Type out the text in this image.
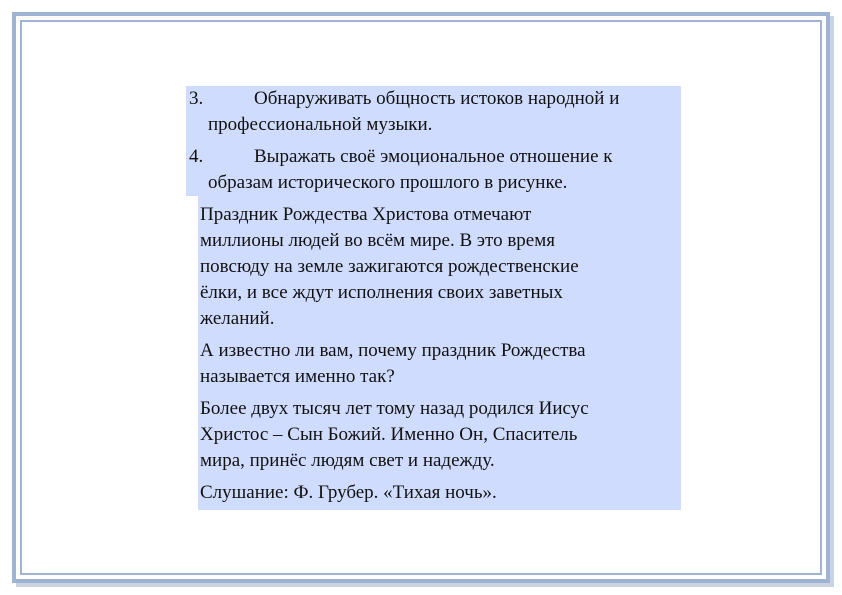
3.	Обнаруживать общность истоков народной и
профессиональной музыки.
4.	Выражать своё эмоциональное отношение к
образам исторического прошлого в рисунке.

Праздник Рождества Христова отмечают
миллионы людей во всём мире. В это время
повсюду на земле зажигаются рождественские
ёлки, и все ждут исполнения своих заветных
желаний.

А известно ли вам, почему праздник Рождества
называется именно так?

Более двух тысяч лет тому назад родился Иисус
Христос – Сын Божий. Именно Он, Спаситель
мира, принёс людям свет и надежду.

Слушание: Ф. Грубер. «Тихая ночь».
